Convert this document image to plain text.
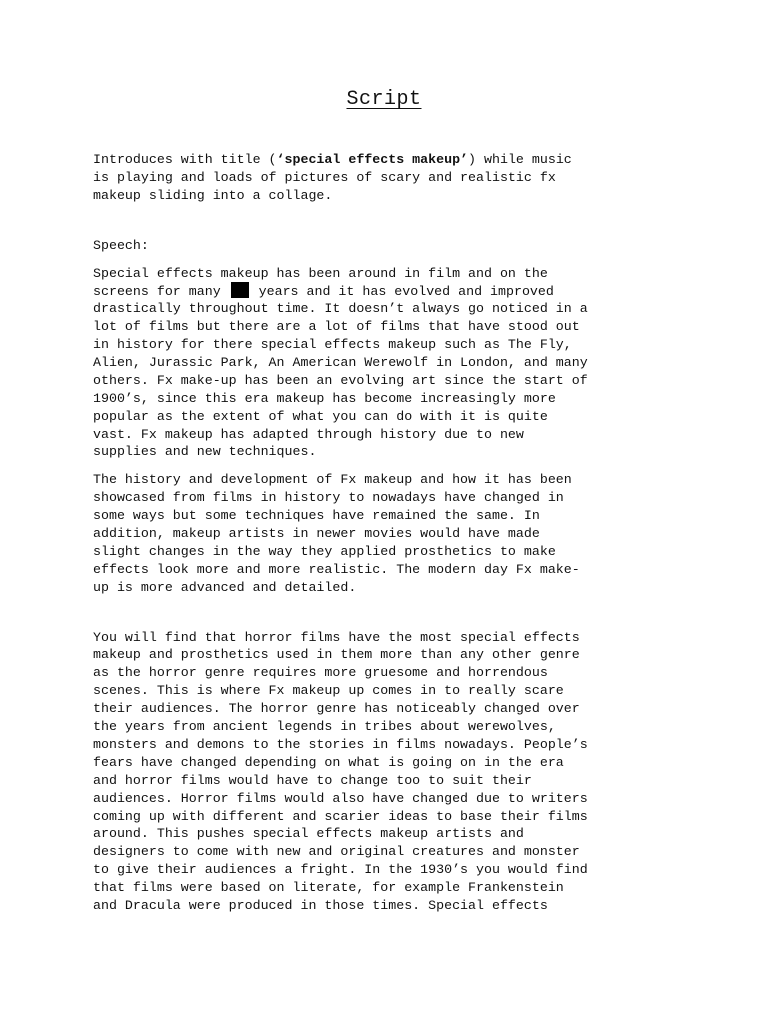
Script
Introduces with title (‘special effects makeup’) while music
is playing and loads of pictures of scary and realistic fx
makeup sliding into a collage.
Speech:
Special effects makeup has been around in film and on the
screens for many  years and it has evolved and improved
drastically throughout time. It doesn’t always go noticed in a
lot of films but there are a lot of films that have stood out
in history for there special effects makeup such as The Fly,
Alien, Jurassic Park, An American Werewolf in London, and many
others. Fx make-up has been an evolving art since the start of
1900’s, since this era makeup has become increasingly more
popular as the extent of what you can do with it is quite
vast. Fx makeup has adapted through history due to new
supplies and new techniques.
The history and development of Fx makeup and how it has been
showcased from films in history to nowadays have changed in
some ways but some techniques have remained the same. In
addition, makeup artists in newer movies would have made
slight changes in the way they applied prosthetics to make
effects look more and more realistic. The modern day Fx make-
up is more advanced and detailed.
You will find that horror films have the most special effects
makeup and prosthetics used in them more than any other genre
as the horror genre requires more gruesome and horrendous
scenes. This is where Fx makeup up comes in to really scare
their audiences. The horror genre has noticeably changed over
the years from ancient legends in tribes about werewolves,
monsters and demons to the stories in films nowadays. People’s
fears have changed depending on what is going on in the era
and horror films would have to change too to suit their
audiences. Horror films would also have changed due to writers
coming up with different and scarier ideas to base their films
around. This pushes special effects makeup artists and
designers to come with new and original creatures and monster
to give their audiences a fright. In the 1930’s you would find
that films were based on literate, for example Frankenstein
and Dracula were produced in those times. Special effects
